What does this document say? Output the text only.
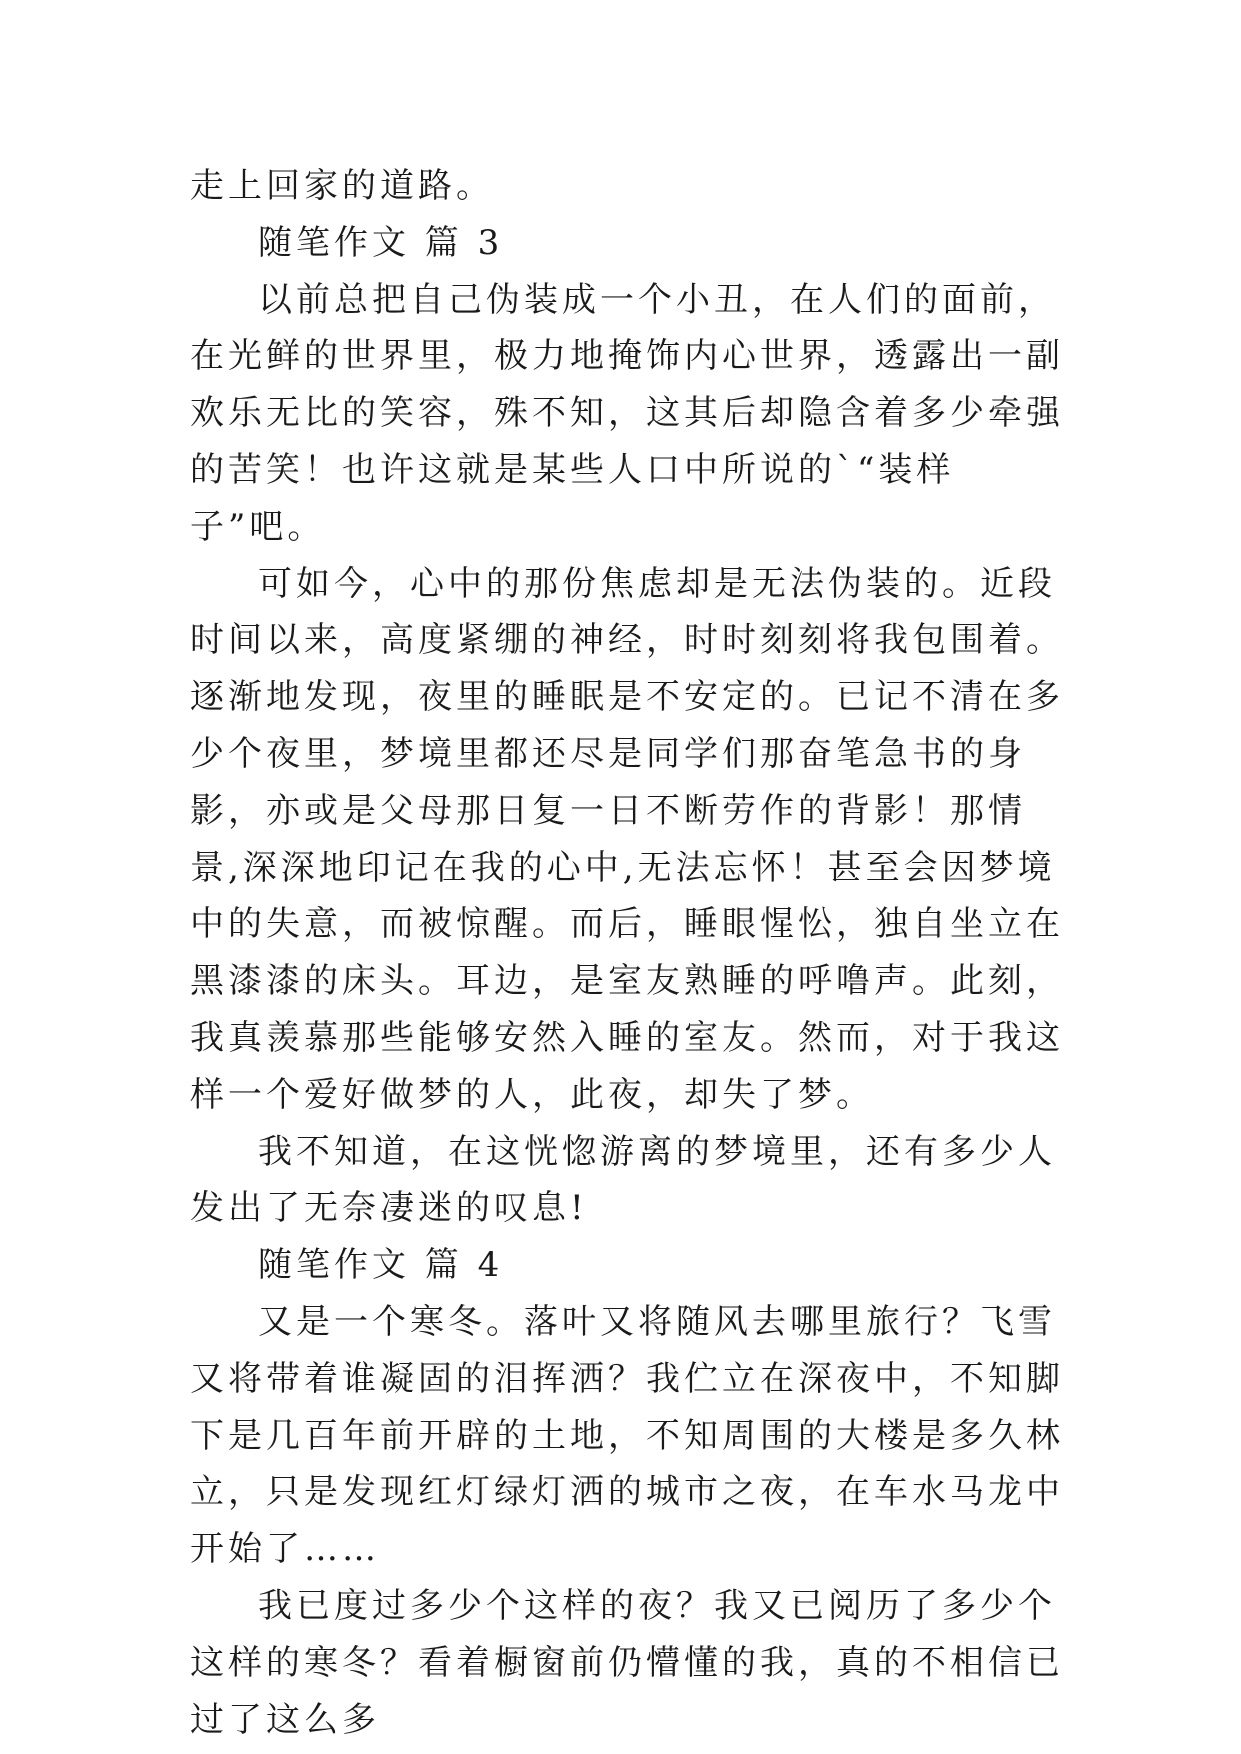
走上回家的道路。

随笔作文 篇 3

以前总把自己伪装成一个小丑，在人们的面前，在光鲜的世界里，极力地掩饰内心世界，透露出一副欢乐无比的笑容，殊不知，这其后却隐含着多少牵强的苦笑！也许这就是某些人口中所说的`“装样子”吧。

可如今，心中的那份焦虑却是无法伪装的。近段时间以来，高度紧绷的神经，时时刻刻将我包围着。逐渐地发现，夜里的睡眠是不安定的。已记不清在多少个夜里，梦境里都还尽是同学们那奋笔急书的身影，亦或是父母那日复一日不断劳作的背影！那情景,深深地印记在我的心中,无法忘怀！甚至会因梦境中的失意，而被惊醒。而后，睡眼惺忪，独自坐立在黑漆漆的床头。耳边，是室友熟睡的呼噜声。此刻，我真羡慕那些能够安然入睡的室友。然而，对于我这样一个爱好做梦的人，此夜，却失了梦。

我不知道，在这恍惚游离的梦境里，还有多少人发出了无奈凄迷的叹息!

随笔作文 篇 4

又是一个寒冬。落叶又将随风去哪里旅行？飞雪又将带着谁凝固的泪挥洒？我伫立在深夜中，不知脚下是几百年前开辟的土地，不知周围的大楼是多久林立，只是发现红灯绿灯洒的城市之夜，在车水马龙中开始了……

我已度过多少个这样的夜？我又已阅历了多少个这样的寒冬？看着橱窗前仍懵懂的我，真的不相信已过了这么多
